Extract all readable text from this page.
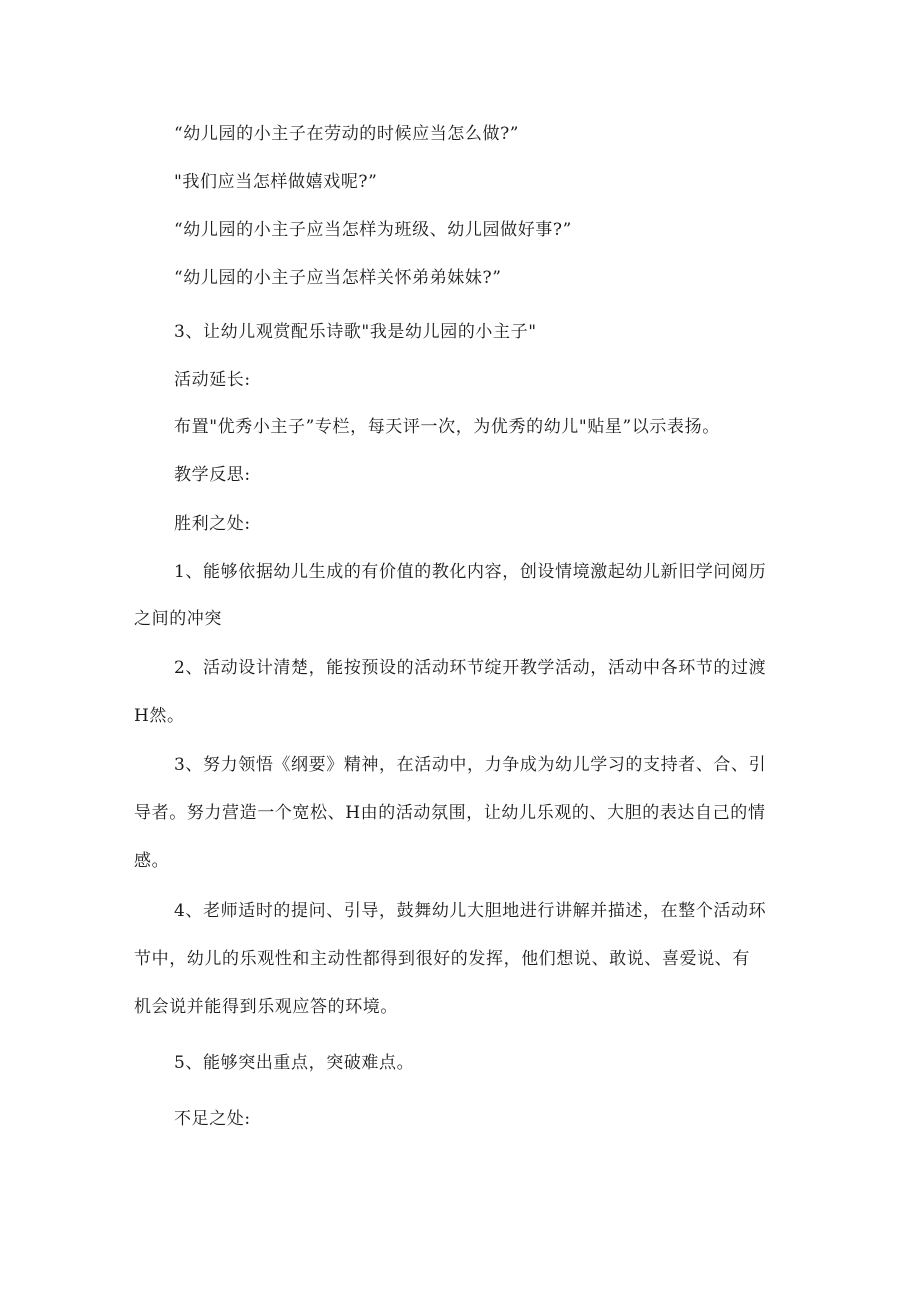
“幼儿园的小主子在劳动的时候应当怎么做?”
"我们应当怎样做嬉戏呢?”
“幼儿园的小主子应当怎样为班级、幼儿园做好事?”
“幼儿园的小主子应当怎样关怀弟弟妹妹?”
3、让幼儿观赏配乐诗歌"我是幼儿园的小主子"
活动延长:
布置"优秀小主子”专栏，每天评一次，为优秀的幼儿"贴星”以示表扬。
教学反思:
胜利之处:
1、能够依据幼儿生成的有价值的教化内容，创设情境激起幼儿新旧学问阅历
之间的冲突
2、活动设计清楚，能按预设的活动环节绽开教学活动，活动中各环节的过渡
H然。
3、努力领悟《纲要》精神，在活动中，力争成为幼儿学习的支持者、合、引
导者。努力营造一个宽松、H由的活动氛围，让幼儿乐观的、大胆的表达自己的情
感。
4、老师适时的提问、引导，鼓舞幼儿大胆地进行讲解并描述，在整个活动环
节中，幼儿的乐观性和主动性都得到很好的发挥，他们想说、敢说、喜爱说、有
机会说并能得到乐观应答的环境。
5、能够突出重点，突破难点。
不足之处:
